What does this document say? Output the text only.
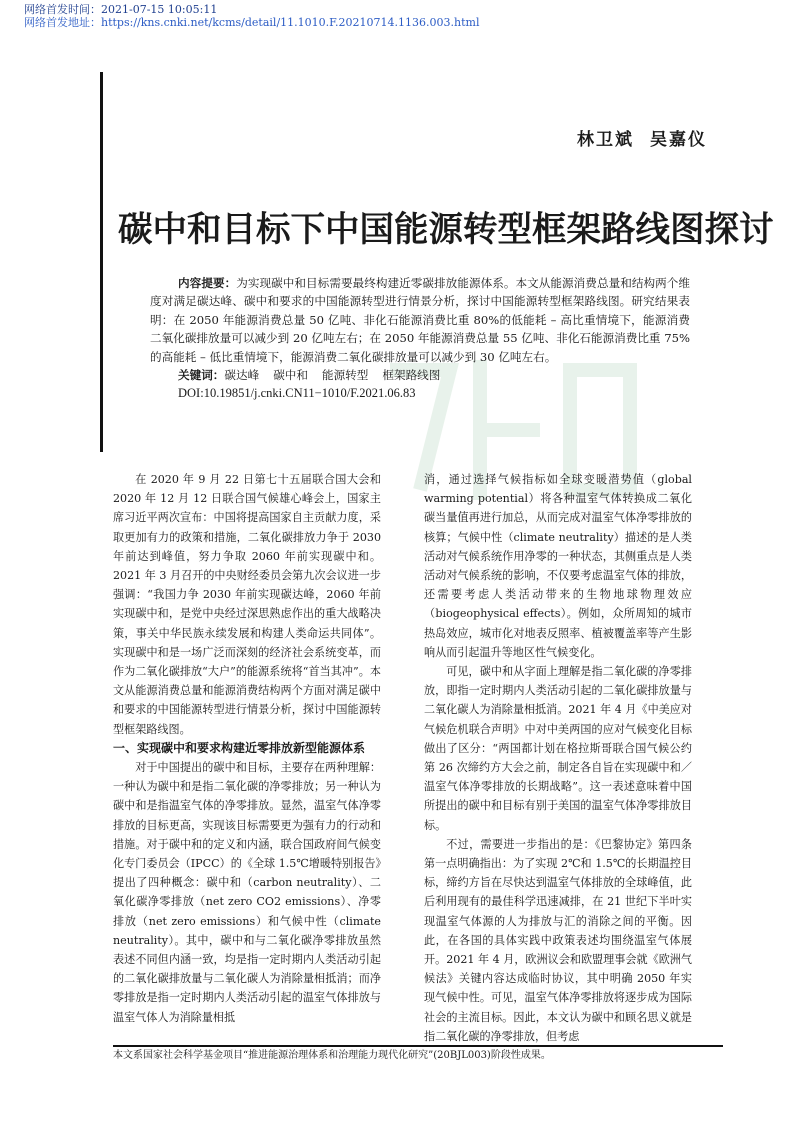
网络首发时间：2021-07-15 10:05:11
网络首发地址：https://kns.cnki.net/kcms/detail/11.1010.F.20210714.1136.003.html
林卫斌 吴嘉仪
碳中和目标下中国能源转型框架路线图探讨
内容提要：为实现碳中和目标需要最终构建近零碳排放能源体系。本文从能源消费总量和结构两个维度对满足碳达峰、碳中和要求的中国能源转型进行情景分析，探讨中国能源转型框架路线图。研究结果表明：在 2050 年能源消费总量 50 亿吨、非化石能源消费比重 80%的低能耗 – 高比重情境下，能源消费二氧化碳排放量可以减少到 20 亿吨左右；在 2050 年能源消费总量 55 亿吨、非化石能源消费比重 75%的高能耗 – 低比重情境下，能源消费二氧化碳排放量可以减少到 30 亿吨左右。
关键词：碳达峰 碳中和 能源转型 框架路线图
DOI:10.19851/j.cnki.CN11−1010/F.2021.06.83

在 2020 年 9 月 22 日第七十五届联合国大会和 2020 年 12 月 12 日联合国气候雄心峰会上，国家主席习近平两次宣布：中国将提高国家自主贡献力度，采取更加有力的政策和措施，二氧化碳排放力争于 2030 年前达到峰值，努力争取 2060 年前实现碳中和。2021 年 3 月召开的中央财经委员会第九次会议进一步强调：“我国力争 2030 年前实现碳达峰，2060 年前实现碳中和，是党中央经过深思熟虑作出的重大战略决策，事关中华民族永续发展和构建人类命运共同体”。实现碳中和是一场广泛而深刻的经济社会系统变革，而作为二氧化碳排放“大户”的能源系统将“首当其冲”。本文从能源消费总量和能源消费结构两个方面对满足碳中和要求的中国能源转型进行情景分析，探讨中国能源转型框架路线图。

一、实现碳中和要求构建近零排放新型能源体系

对于中国提出的碳中和目标，主要存在两种理解：一种认为碳中和是指二氧化碳的净零排放；另一种认为碳中和是指温室气体的净零排放。显然，温室气体净零排放的目标更高，实现该目标需要更为强有力的行动和措施。对于碳中和的定义和内涵，联合国政府间气候变化专门委员会（IPCC）的《全球 1.5℃增暖特别报告》提出了四种概念：碳中和（carbon neutrality）、二氧化碳净零排放（net zero CO2 emissions）、净零排放（net zero emissions）和气候中性（climate neutrality）。其中，碳中和与二氧化碳净零排放虽然表述不同但内涵一致，均是指一定时期内人类活动引起的二氧化碳排放量与二氧化碳人为消除量相抵消；而净零排放是指一定时期内人类活动引起的温室气体排放与温室气体人为消除量相抵

消，通过选择气候指标如全球变暖潜势值（global warming potential）将各种温室气体转换成二氧化碳当量值再进行加总，从而完成对温室气体净零排放的核算；气候中性（climate neutrality）描述的是人类活动对气候系统作用净零的一种状态，其侧重点是人类活动对气候系统的影响，不仅要考虑温室气体的排放，还需要考虑人类活动带来的生物地球物理效应（biogeophysical effects）。例如，众所周知的城市热岛效应，城市化对地表反照率、植被覆盖率等产生影响从而引起温升等地区性气候变化。

可见，碳中和从字面上理解是指二氧化碳的净零排放，即指一定时期内人类活动引起的二氧化碳排放量与二氧化碳人为消除量相抵消。2021 年 4 月《中美应对气候危机联合声明》中对中美两国的应对气候变化目标做出了区分：“两国都计划在格拉斯哥联合国气候公约第 26 次缔约方大会之前，制定各自旨在实现碳中和／温室气体净零排放的长期战略”。这一表述意味着中国所提出的碳中和目标有别于美国的温室气体净零排放目标。

不过，需要进一步指出的是：《巴黎协定》第四条第一点明确指出：为了实现 2℃和 1.5℃的长期温控目标，缔约方旨在尽快达到温室气体排放的全球峰值，此后利用现有的最佳科学迅速减排，在 21 世纪下半叶实现温室气体源的人为排放与汇的消除之间的平衡。因此，在各国的具体实践中政策表述均围绕温室气体展开。2021 年 4 月，欧洲议会和欧盟理事会就《欧洲气候法》关键内容达成临时协议，其中明确 2050 年实现气候中性。可见，温室气体净零排放将逐步成为国际社会的主流目标。因此，本文认为碳中和顾名思义就是指二氧化碳的净零排放，但考虑

本文系国家社会科学基金项目“推进能源治理体系和治理能力现代化研究”(20BJL003)阶段性成果。
